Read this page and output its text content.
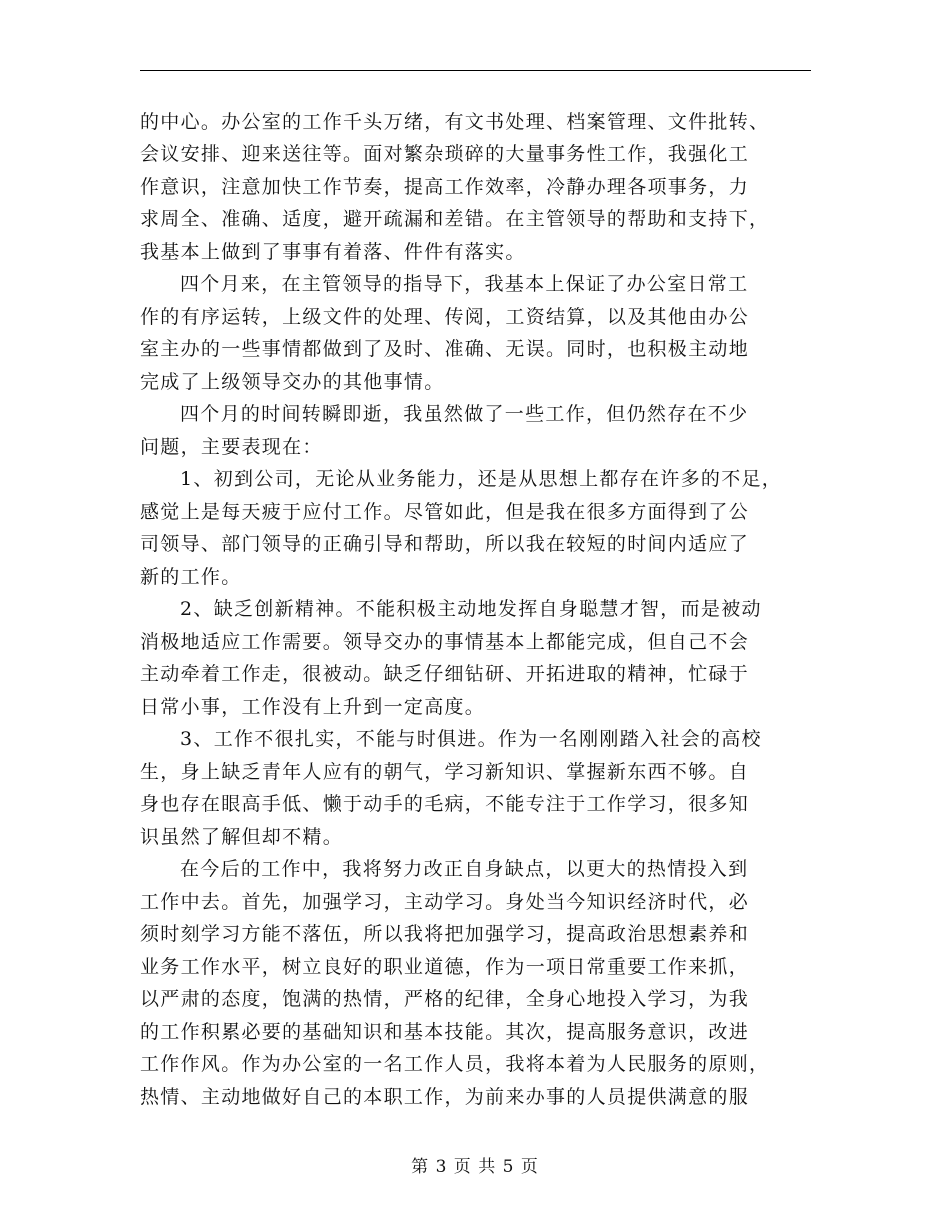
的中心。办公室的工作千头万绪，有文书处理、档案管理、文件批转、
会议安排、迎来送往等。面对繁杂琐碎的大量事务性工作，我强化工
作意识，注意加快工作节奏，提高工作效率，冷静办理各项事务，力
求周全、准确、适度，避开疏漏和差错。在主管领导的帮助和支持下，
我基本上做到了事事有着落、件件有落实。
四个月来，在主管领导的指导下，我基本上保证了办公室日常工
作的有序运转，上级文件的处理、传阅，工资结算，以及其他由办公
室主办的一些事情都做到了及时、准确、无误。同时，也积极主动地
完成了上级领导交办的其他事情。
四个月的时间转瞬即逝，我虽然做了一些工作，但仍然存在不少
问题，主要表现在：
1、初到公司，无论从业务能力，还是从思想上都存在许多的不足，
感觉上是每天疲于应付工作。尽管如此，但是我在很多方面得到了公
司领导、部门领导的正确引导和帮助，所以我在较短的时间内适应了
新的工作。
2、缺乏创新精神。不能积极主动地发挥自身聪慧才智，而是被动
消极地适应工作需要。领导交办的事情基本上都能完成，但自己不会
主动牵着工作走，很被动。缺乏仔细钻研、开拓进取的精神，忙碌于
日常小事，工作没有上升到一定高度。
3、工作不很扎实，不能与时俱进。作为一名刚刚踏入社会的高校
生，身上缺乏青年人应有的朝气，学习新知识、掌握新东西不够。自
身也存在眼高手低、懒于动手的毛病，不能专注于工作学习，很多知
识虽然了解但却不精。
在今后的工作中，我将努力改正自身缺点，以更大的热情投入到
工作中去。首先，加强学习，主动学习。身处当今知识经济时代，必
须时刻学习方能不落伍，所以我将把加强学习，提高政治思想素养和
业务工作水平，树立良好的职业道德，作为一项日常重要工作来抓，
以严肃的态度，饱满的热情，严格的纪律，全身心地投入学习，为我
的工作积累必要的基础知识和基本技能。其次，提高服务意识，改进
工作作风。作为办公室的一名工作人员，我将本着为人民服务的原则，
热情、主动地做好自己的本职工作，为前来办事的人员提供满意的服
第 3 页 共 5 页
